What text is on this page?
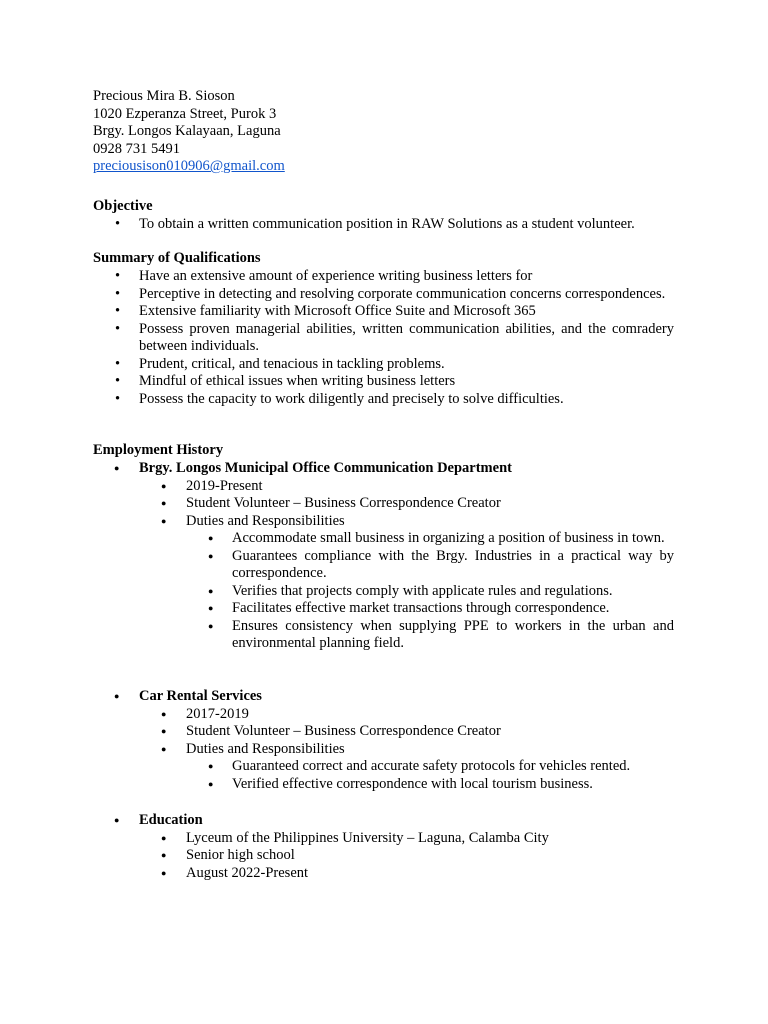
Precious Mira B. Sioson
1020 Ezperanza Street, Purok 3
Brgy. Longos Kalayaan, Laguna
0928 731 5491
preciousison010906@gmail.com
Objective
• To obtain a written communication position in RAW Solutions as a student volunteer.
Summary of Qualifications
• Have an extensive amount of experience writing business letters for
• Perceptive in detecting and resolving corporate communication concerns correspondences.
• Extensive familiarity with Microsoft Office Suite and Microsoft 365
• Possess proven managerial abilities, written communication abilities, and the comradery between individuals.
• Prudent, critical, and tenacious in tackling problems.
• Mindful of ethical issues when writing business letters
• Possess the capacity to work diligently and precisely to solve difficulties.
Employment History
● Brgy. Longos Municipal Office Communication Department
● 2019-Present
● Student Volunteer – Business Correspondence Creator
● Duties and Responsibilities
● Accommodate small business in organizing a position of business in town.
● Guarantees compliance with the Brgy. Industries in a practical way by correspondence.
● Verifies that projects comply with applicate rules and regulations.
● Facilitates effective market transactions through correspondence.
● Ensures consistency when supplying PPE to workers in the urban and environmental planning field.
● Car Rental Services
● 2017-2019
● Student Volunteer – Business Correspondence Creator
● Duties and Responsibilities
● Guaranteed correct and accurate safety protocols for vehicles rented.
● Verified effective correspondence with local tourism business.
● Education
● Lyceum of the Philippines University – Laguna, Calamba City
● Senior high school
● August 2022-Present
